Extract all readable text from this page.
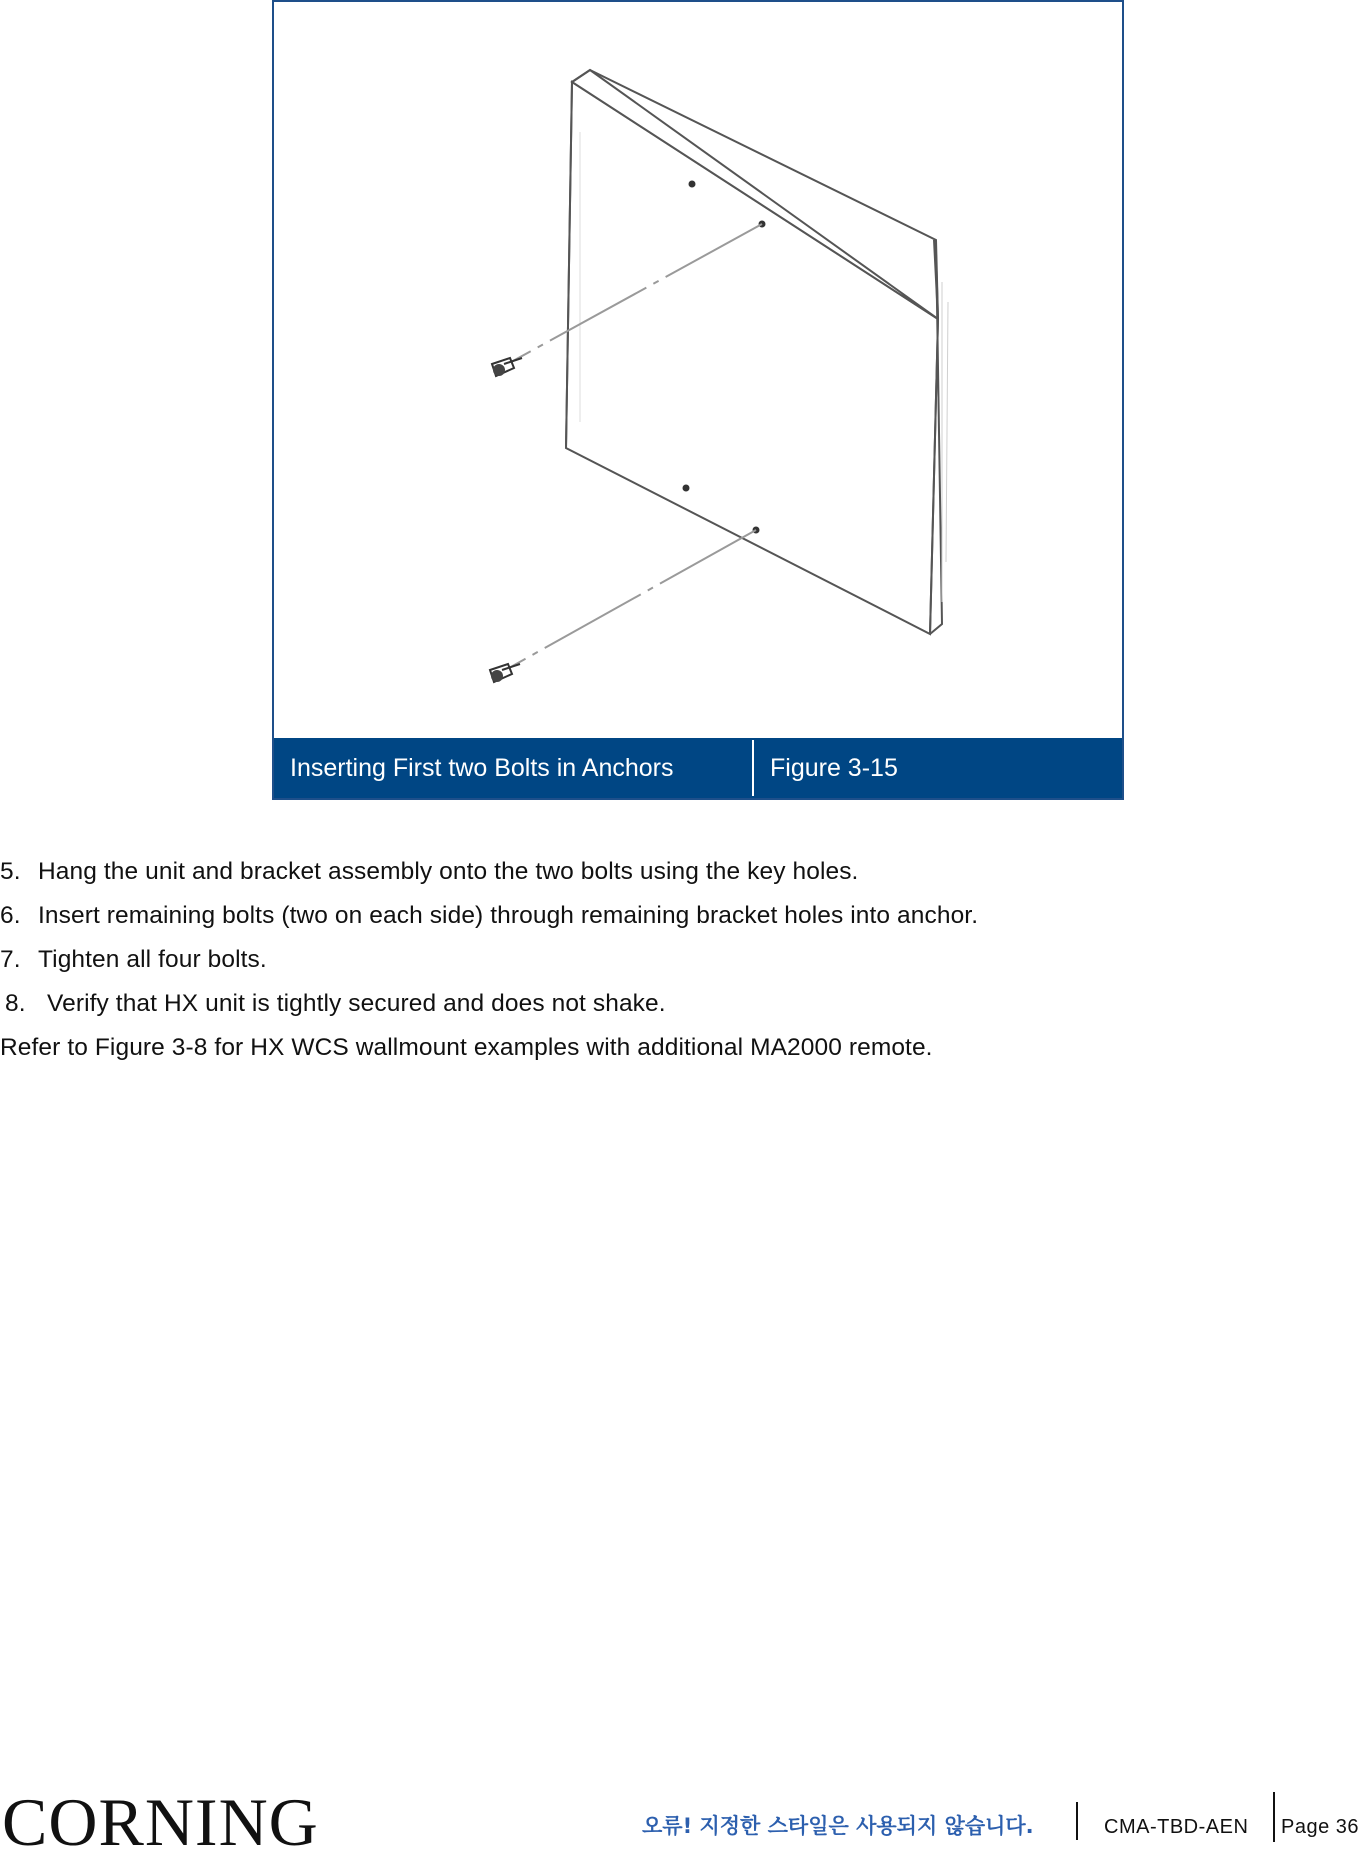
Inserting First two Bolts in Anchors	Figure 3-15
5. Hang the unit and bracket assembly onto the two bolts using the key holes.
6. Insert remaining bolts (two on each side) through remaining bracket holes into anchor.
7. Tighten all four bolts.
8. Verify that HX unit is tightly secured and does not shake.
Refer to Figure 3-8 for HX WCS wallmount examples with additional MA2000 remote.
CORNING	오류! 지정한 스타일은 사용되지 않습니다.	CMA-TBD-AEN Page 36
